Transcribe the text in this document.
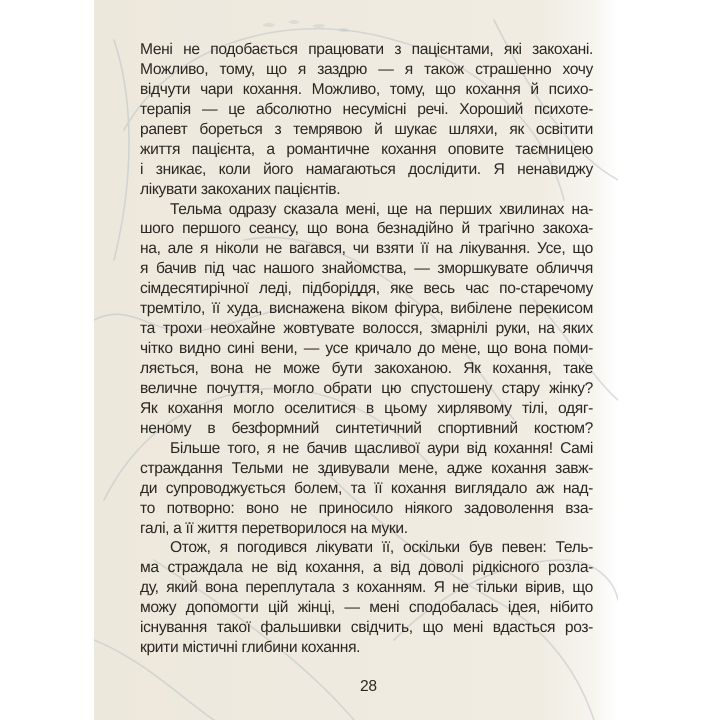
Мені не подобається працювати з пацієнтами, які закохані.
Можливо, тому, що я заздрю — я також страшенно хочу
відчути чари кохання. Можливо, тому, що кохання й психо-
терапія — це абсолютно несумісні речі. Хороший психоте-
рапевт бореться з темрявою й шукає шляхи, як освітити
життя пацієнта, а романтичне кохання оповите таємницею
і зникає, коли його намагаються дослідити. Я ненавиджу
лікувати закоханих пацієнтів.
Тельма одразу сказала мені, ще на перших хвилинах на-
шого першого сеансу, що вона безнадійно й трагічно закоха-
на, але я ніколи не вагався, чи взяти її на лікування. Усе, що
я бачив під час нашого знайомства, — зморшкувате обличчя
сімдесятирічної леді, підборіддя, яке весь час по-старечому
тремтіло, її худа, виснажена віком фігура, вибілене перекисом
та трохи неохайне жовтувате волосся, змарнілі руки, на яких
чітко видно сині вени, — усе кричало до мене, що вона поми-
ляється, вона не може бути закоханою. Як кохання, таке
величне почуття, могло обрати цю спустошену стару жінку?
Як кохання могло оселитися в цьому хирлявому тілі, одяг-
неному в безформний синтетичний спортивний костюм?
Більше того, я не бачив щасливої аури від кохання! Самі
страждання Тельми не здивували мене, адже кохання завж-
ди супроводжується болем, та її кохання виглядало аж над-
то потворно: воно не приносило ніякого задоволення вза-
галі, а її життя перетворилося на муки.
Отож, я погодився лікувати її, оскільки був певен: Тель-
ма страждала не від кохання, а від доволі рідкісного розла-
ду, який вона переплутала з коханням. Я не тільки вірив, що
можу допомогти цій жінці, — мені сподобалась ідея, нібито
існування такої фальшивки свідчить, що мені вдасться роз-
крити містичні глибини кохання.
28
